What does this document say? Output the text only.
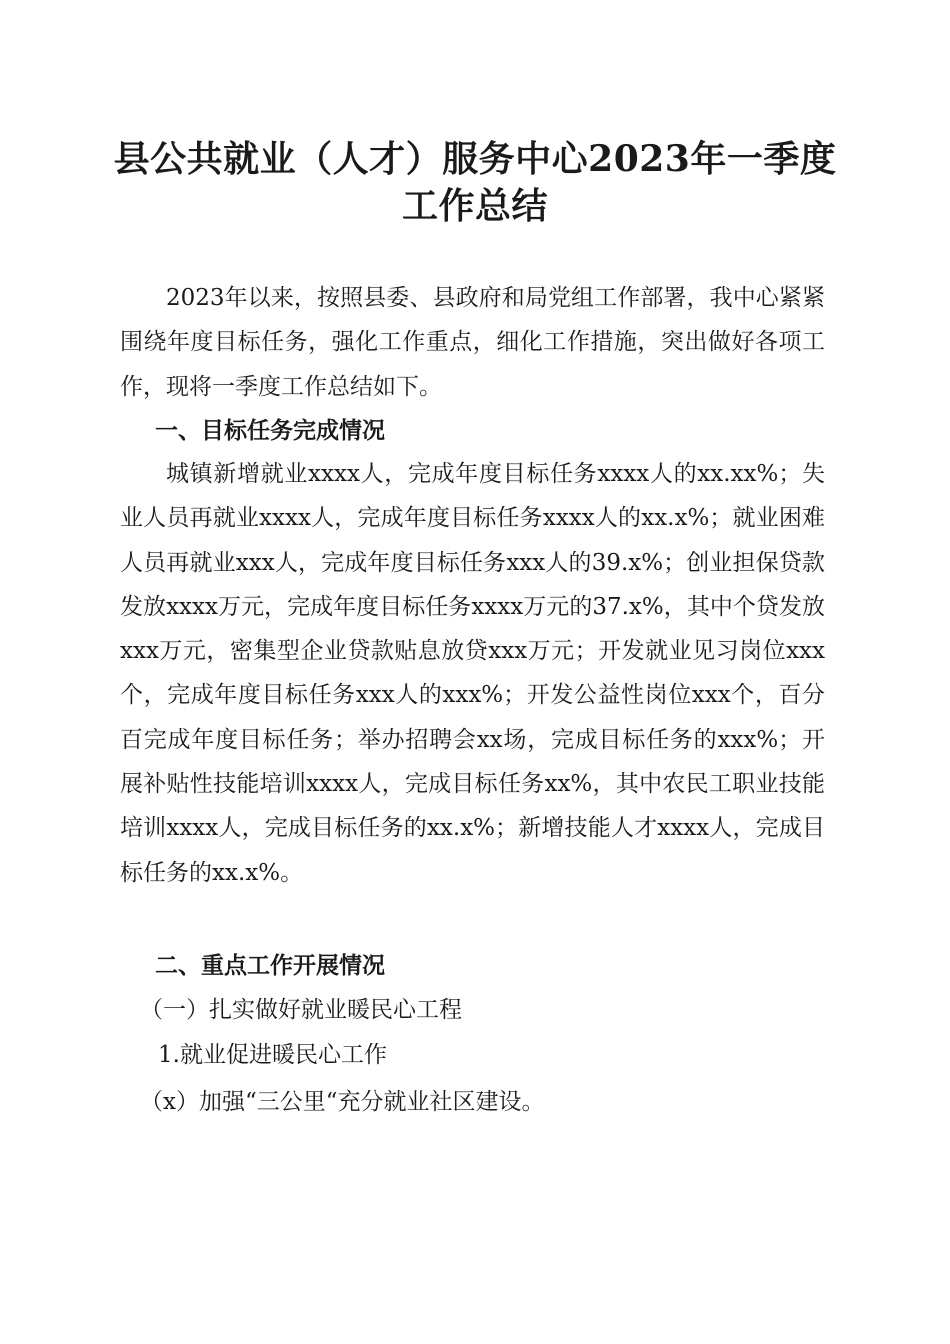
县公共就业（人才）服务中心2023年一季度
工作总结

2023年以来，按照县委、县政府和局党组工作部署，我中心紧紧围绕年度目标任务，强化工作重点，细化工作措施，突出做好各项工作，现将一季度工作总结如下。

一、目标任务完成情况

城镇新增就业xxxx人，完成年度目标任务xxxx人的xx.xx%；失业人员再就业xxxx人，完成年度目标任务xxxx人的xx.x%；就业困难人员再就业xxx人，完成年度目标任务xxx人的39.x%；创业担保贷款发放xxxx万元，完成年度目标任务xxxx万元的37.x%，其中个贷发放xxx万元，密集型企业贷款贴息放贷xxx万元；开发就业见习岗位xxx个，完成年度目标任务xxx人的xxx%；开发公益性岗位xxx个，百分百完成年度目标任务；举办招聘会xx场，完成目标任务的xxx%；开展补贴性技能培训xxxx人，完成目标任务xx%，其中农民工职业技能培训xxxx人，完成目标任务的xx.x%；新增技能人才xxxx人，完成目标任务的xx.x%。

二、重点工作开展情况

（一）扎实做好就业暖民心工程

1.就业促进暖民心工作

（x）加强“三公里“充分就业社区建设。
